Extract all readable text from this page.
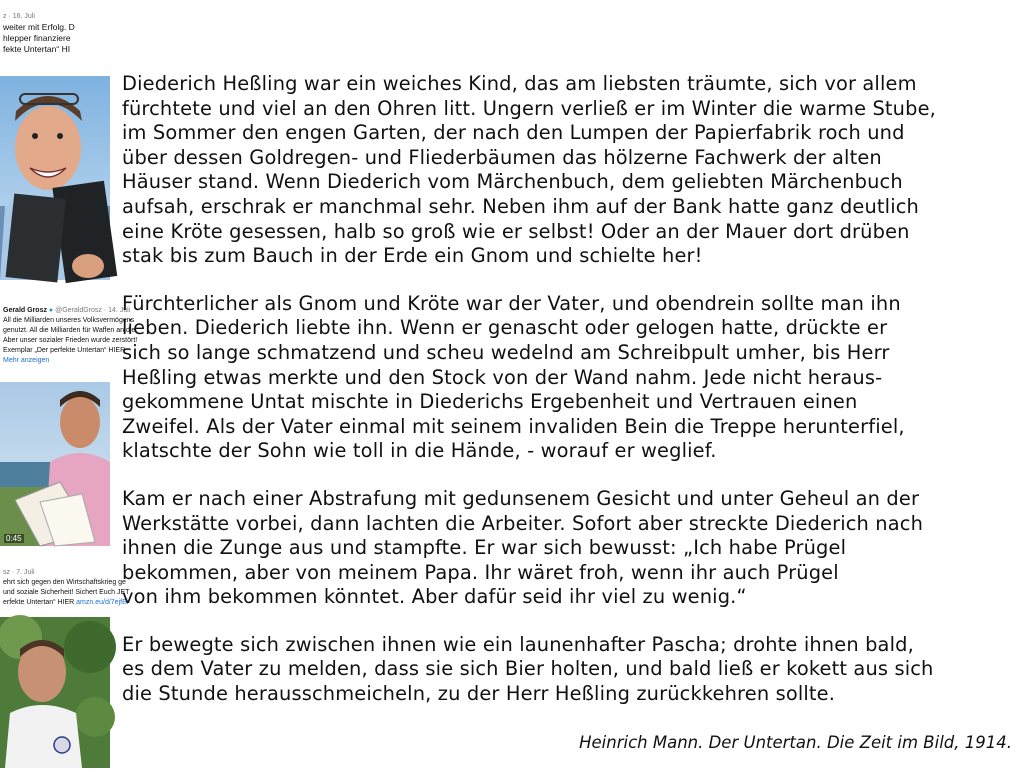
z · 16. Juli
weiter mit Erfolg. D
hlepper finanziere
fekte Untertan“ HI
Gerald Grosz ● @GeraldGrosz · 14. Juli
All die Milliarden unseres Volksvermögens
genutzt. All die Milliarden für Waffen an die
Aber unser sozialer Frieden wurde zerstört!
Exemplar „Der perfekte Untertan“ HIER
Mehr anzeigen
0:45
sz · 7. Juli
ehrt sich gegen den Wirtschaftskrieg ge
und soziale Sicherheit! Sichert Euch JET
erfekte Untertan“ HIER amzn.eu/d/7ejfEi

Diederich Heßling war ein weiches Kind, das am liebsten träumte, sich vor allem
fürchtete und viel an den Ohren litt. Ungern verließ er im Winter die warme Stube,
im Sommer den engen Garten, der nach den Lumpen der Papierfabrik roch und
über dessen Goldregen- und Fliederbäumen das hölzerne Fachwerk der alten
Häuser stand. Wenn Diederich vom Märchenbuch, dem geliebten Märchenbuch
aufsah, erschrak er manchmal sehr. Neben ihm auf der Bank hatte ganz deutlich
eine Kröte gesessen, halb so groß wie er selbst! Oder an der Mauer dort drüben
stak bis zum Bauch in der Erde ein Gnom und schielte her!

Fürchterlicher als Gnom und Kröte war der Vater, und obendrein sollte man ihn
lieben. Diederich liebte ihn. Wenn er genascht oder gelogen hatte, drückte er
sich so lange schmatzend und scheu wedelnd am Schreibpult umher, bis Herr
Heßling etwas merkte und den Stock von der Wand nahm. Jede nicht heraus-
gekommene Untat mischte in Diederichs Ergebenheit und Vertrauen einen
Zweifel. Als der Vater einmal mit seinem invaliden Bein die Treppe herunterfiel,
klatschte der Sohn wie toll in die Hände, - worauf er weglief.

Kam er nach einer Abstrafung mit gedunsenem Gesicht und unter Geheul an der
Werkstätte vorbei, dann lachten die Arbeiter. Sofort aber streckte Diederich nach
ihnen die Zunge aus und stampfte. Er war sich bewusst: „Ich habe Prügel
bekommen, aber von meinem Papa. Ihr wäret froh, wenn ihr auch Prügel
von ihm bekommen könntet. Aber dafür seid ihr viel zu wenig.“

Er bewegte sich zwischen ihnen wie ein launenhafter Pascha; drohte ihnen bald,
es dem Vater zu melden, dass sie sich Bier holten, und bald ließ er kokett aus sich
die Stunde herausschmeicheln, zu der Herr Heßling zurückkehren sollte.

Heinrich Mann. Der Untertan. Die Zeit im Bild, 1914.
